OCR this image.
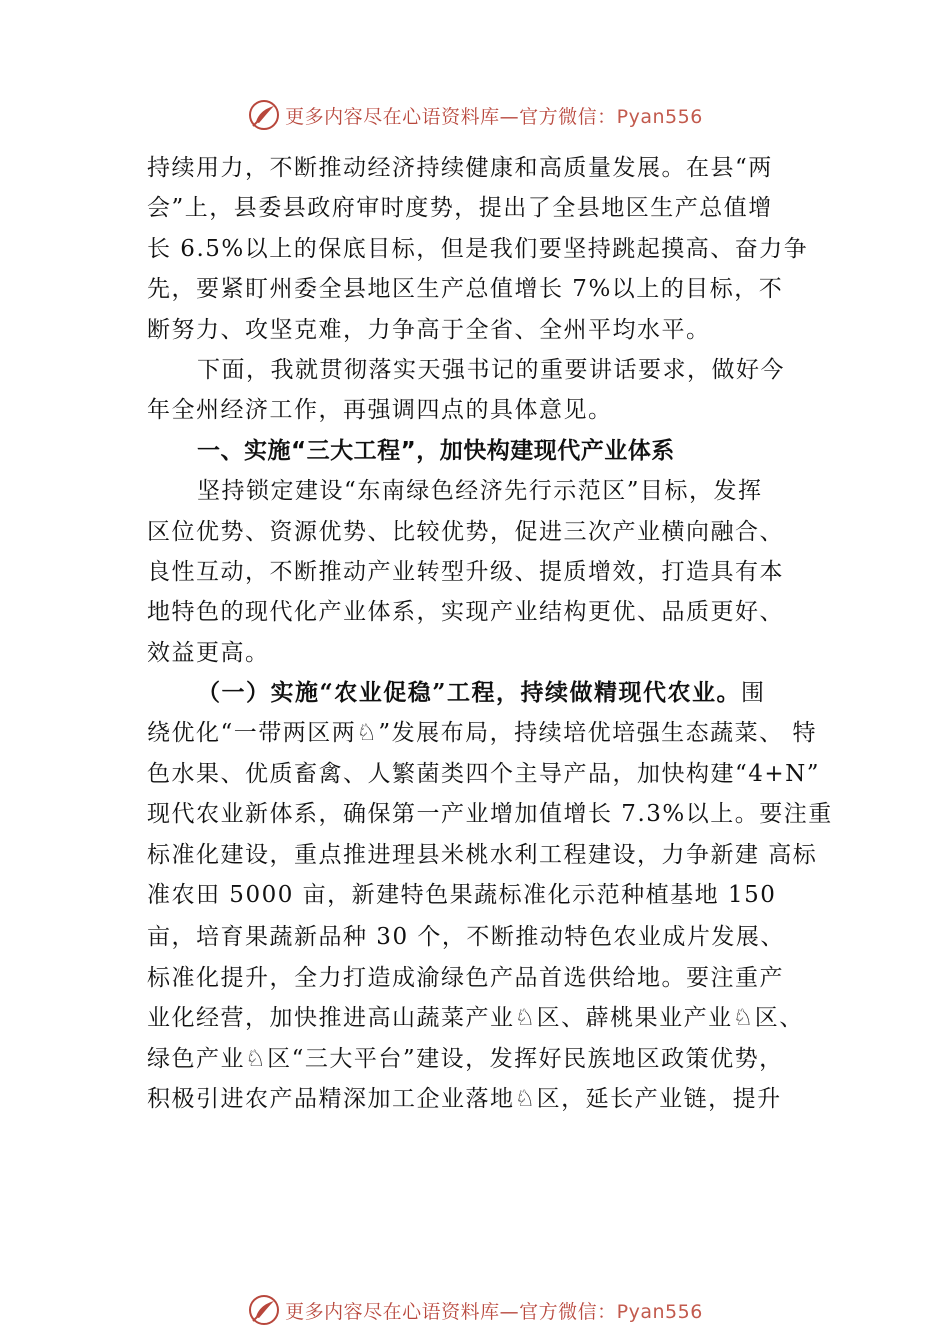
更多内容尽在心语资料库—官方微信：Pyan556
持续用力，不断推动经济持续健康和高质量发展。在县“两
会”上，县委县政府审时度势，提出了全县地区生产总值增
长 6.5%以上的保底目标，但是我们要坚持跳起摸高、奋力争
先，要紧盯州委全县地区生产总值增长 7%以上的目标，不
断努力、攻坚克难，力争高于全省、全州平均水平。
下面，我就贯彻落实天强书记的重要讲话要求，做好今
年全州经济工作，再强调四点的具体意见。
一、实施“三大工程”，加快构建现代产业体系
坚持锁定建设“东南绿色经济先行示范区”目标，发挥
区位优势、资源优势、比较优势，促进三次产业横向融合、
良性互动，不断推动产业转型升级、提质增效，打造具有本
地特色的现代化产业体系，实现产业结构更优、品质更好、
效益更高。
（一）实施“农业促稳”工程，持续做精现代农业。围
绕优化“一带两区两♘”发展布局，持续培优培强生态蔬菜、 特
色水果、优质畜禽、人繁菌类四个主导产品，加快构建“4+N”
现代农业新体系，确保第一产业增加值增长 7.3%以上。要注重
标准化建设，重点推进理县米桃水利工程建设，力争新建 高标
准农田 5000 亩，新建特色果蔬标准化示范种植基地 150
亩，培育果蔬新品种 30 个，不断推动特色农业成片发展、
标准化提升，全力打造成渝绿色产品首选供给地。要注重产
业化经营，加快推进高山蔬菜产业♘区、薜桃果业产业♘区、
绿色产业♘区“三大平台”建设，发挥好民族地区政策优势，
积极引进农产品精深加工企业落地♘区，延长产业链，提升
更多内容尽在心语资料库—官方微信：Pyan556
